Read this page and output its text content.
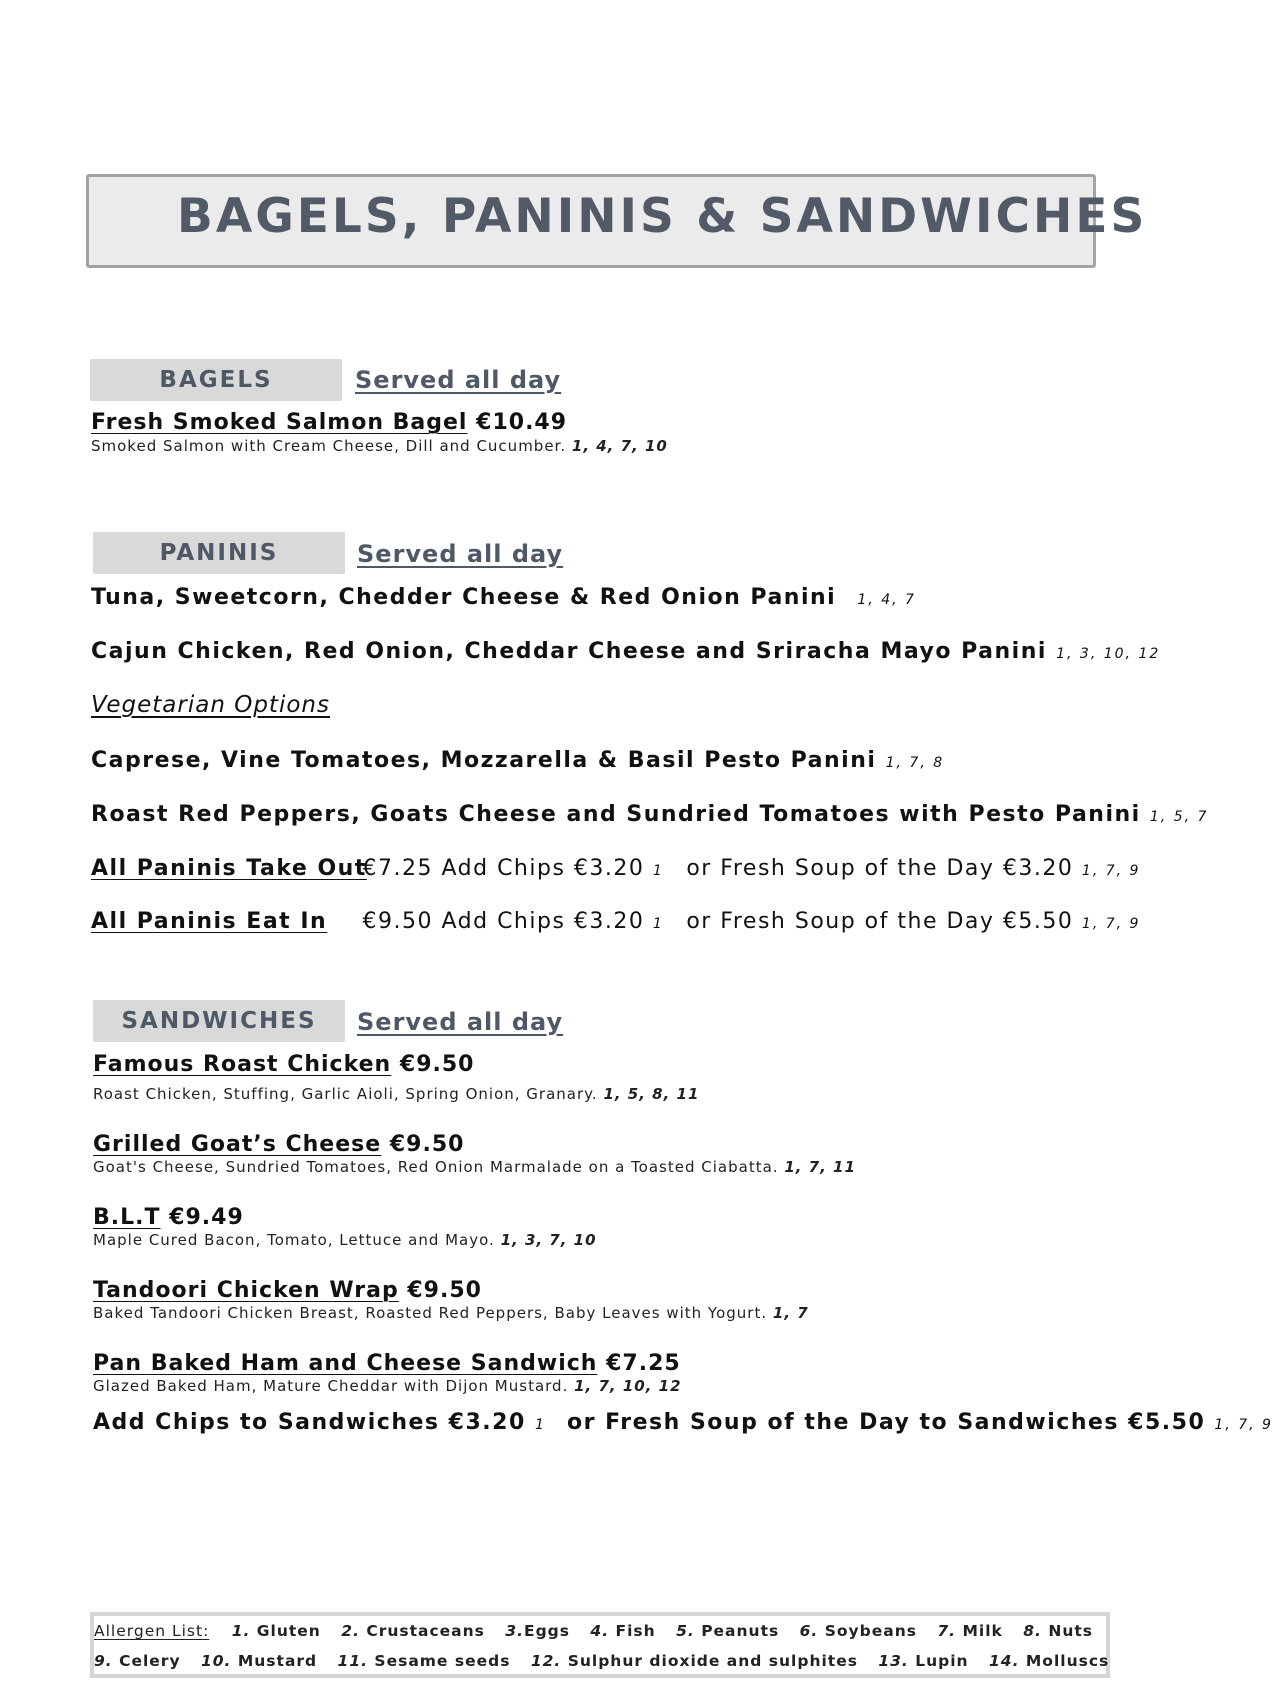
BAGELS, PANINIS & SANDWICHES
BAGELS	Served all day
Fresh Smoked Salmon Bagel €10.49
Smoked Salmon with Cream Cheese, Dill and Cucumber. 1, 4, 7, 10
PANINIS	Served all day
Tuna, Sweetcorn, Chedder Cheese & Red Onion Panini 1, 4, 7
Cajun Chicken, Red Onion, Cheddar Cheese and Sriracha Mayo Panini 1, 3, 10, 12
Vegetarian Options
Caprese, Vine Tomatoes, Mozzarella & Basil Pesto Panini 1, 7, 8
Roast Red Peppers, Goats Cheese and Sundried Tomatoes with Pesto Panini 1, 5, 7
All Paninis Take Out €7.25 Add Chips €3.20 1 or Fresh Soup of the Day €3.20 1, 7, 9
All Paninis Eat In €9.50 Add Chips €3.20 1 or Fresh Soup of the Day €5.50 1, 7, 9
SANDWICHES	Served all day
Famous Roast Chicken €9.50
Roast Chicken, Stuffing, Garlic Aioli, Spring Onion, Granary. 1, 5, 8, 11
Grilled Goat’s Cheese €9.50
Goat's Cheese, Sundried Tomatoes, Red Onion Marmalade on a Toasted Ciabatta. 1, 7, 11
B.L.T €9.49
Maple Cured Bacon, Tomato, Lettuce and Mayo. 1, 3, 7, 10
Tandoori Chicken Wrap €9.50
Baked Tandoori Chicken Breast, Roasted Red Peppers, Baby Leaves with Yogurt. 1, 7
Pan Baked Ham and Cheese Sandwich €7.25
Glazed Baked Ham, Mature Cheddar with Dijon Mustard. 1, 7, 10, 12
Add Chips to Sandwiches €3.20 1 or Fresh Soup of the Day to Sandwiches €5.50 1, 7, 9
Allergen List: 1. Gluten 2. Crustaceans 3.Eggs 4. Fish 5. Peanuts 6. Soybeans 7. Milk 8. Nuts
9. Celery 10. Mustard 11. Sesame seeds 12. Sulphur dioxide and sulphites 13. Lupin 14. Molluscs
